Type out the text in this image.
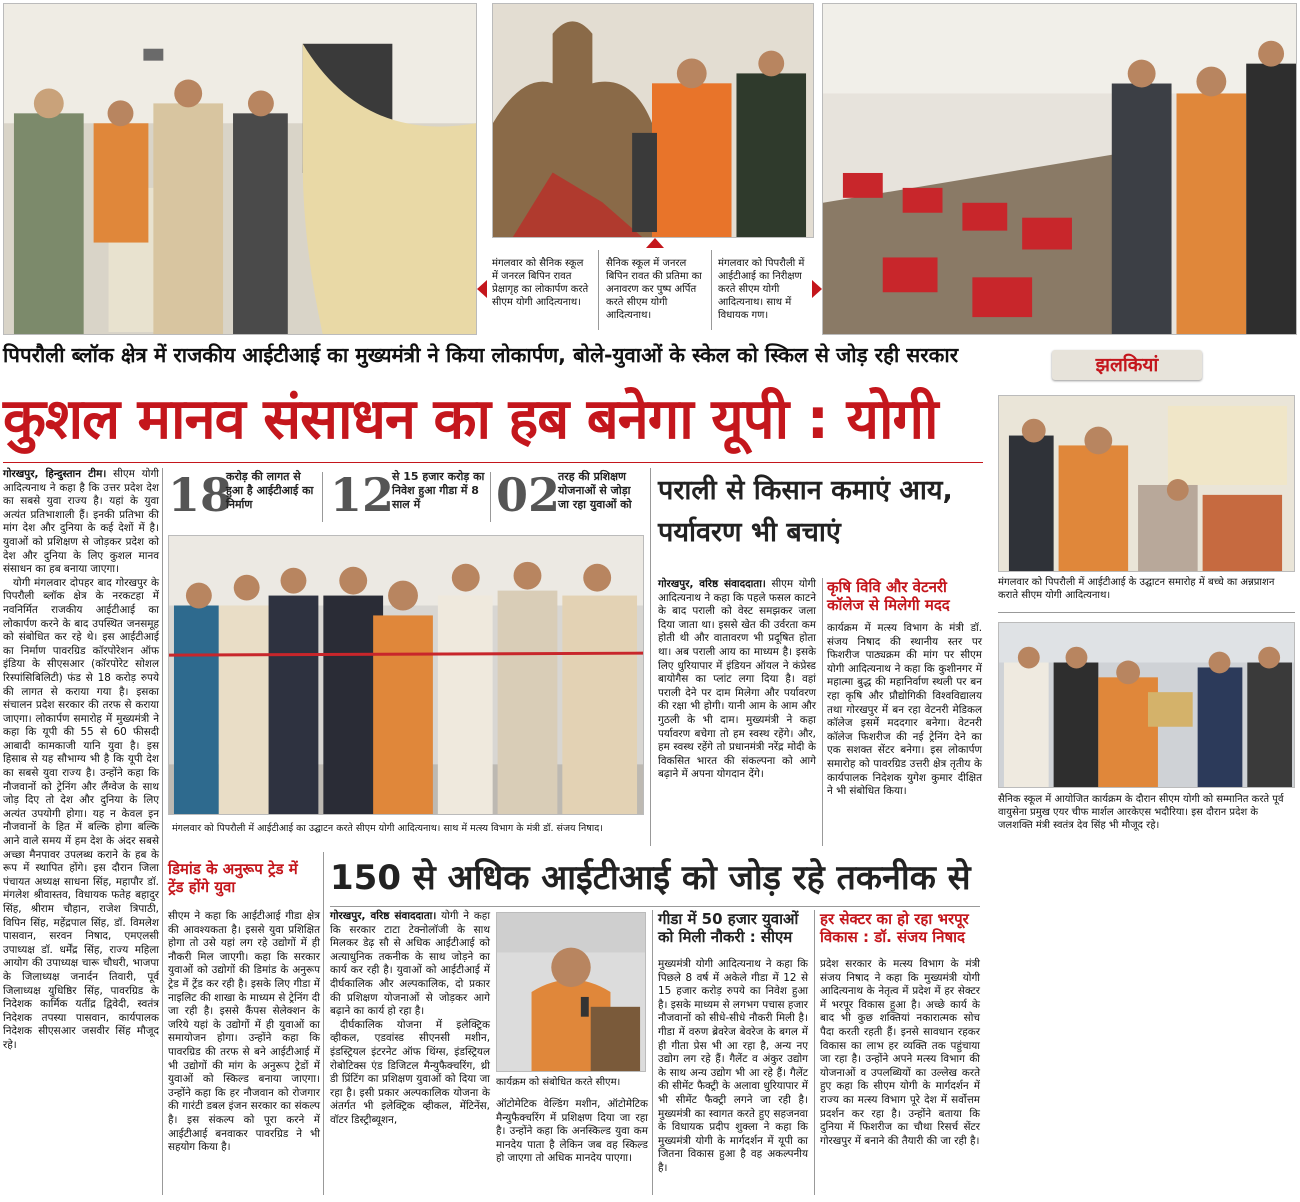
मंगलवार को सैनिक स्कूल में जनरल बिपिन रावत प्रेक्षागृह का लोकार्पण करते सीएम योगी आदित्यनाथ।
सैनिक स्कूल में जनरल बिपिन रावत की प्रतिमा का अनावरण कर पुष्प अर्पित करते सीएम योगी आदित्यनाथ।
मंगलवार को पिपरौली में आईटीआई का निरीक्षण करते सीएम योगी आदित्यनाथ। साथ में विधायक गण।
पिपरौली ब्लॉक क्षेत्र में राजकीय आईटीआई का मुख्यमंत्री ने किया लोकार्पण, बोले-युवाओं के स्केल को स्किल से जोड़ रही सरकार
कुशल मानव संसाधन का हब बनेगा यूपी : योगी
झलकियां
मंगलवार को पिपरौली में आईटीआई के उद्घाटन समारोह में बच्चे का अन्नप्राशन कराते सीएम योगी आदित्यनाथ।
सैनिक स्कूल में आयोजित कार्यक्रम के दौरान सीएम योगी को सम्मानित करते पूर्व वायुसेना प्रमुख एयर चीफ मार्शल आरकेएस भदौरिया। इस दौरान प्रदेश के जलशक्ति मंत्री स्वतंत्र देव सिंह भी मौजूद रहे।

गोरखपुर, हिन्दुस्तान टीम। सीएम योगी आदित्यनाथ ने कहा है कि उत्तर प्रदेश देश का सबसे युवा राज्य है। यहां के युवा अत्यंत प्रतिभाशाली हैं। इनकी प्रतिभा की मांग देश और दुनिया के कई देशों में है। युवाओं को प्रशिक्षण से जोड़कर प्रदेश को देश और दुनिया के लिए कुशल मानव संसाधन का हब बनाया जाएगा।

योगी मंगलवार दोपहर बाद गोरखपुर के पिपरौली ब्लॉक क्षेत्र के नरकटहा में नवनिर्मित राजकीय आईटीआई का लोकार्पण करने के बाद उपस्थित जनसमूह को संबोधित कर रहे थे। इस आईटीआई का निर्माण पावरग्रिड कॉरपोरेशन ऑफ इंडिया के सीएसआर (कॉरपोरेट सोशल रिस्पांसिबिलिटी) फंड से 18 करोड़ रुपये की लागत से कराया गया है। इसका संचालन प्रदेश सरकार की तरफ से कराया जाएगा। लोकार्पण समारोह में मुख्यमंत्री ने कहा कि यूपी की 55 से 60 फीसदी आबादी कामकाजी यानि युवा है। इस हिसाब से यह सौभाग्य भी है कि यूपी देश का सबसे युवा राज्य है। उन्होंने कहा कि नौजवानों को ट्रेनिंग और लैंग्वेज के साथ जोड़ दिए तो देश और दुनिया के लिए अत्यंत उपयोगी होगा। यह न केवल इन नौजवानों के हित में बल्कि होगा बल्कि आने वाले समय में हम देश के अंदर सबसे अच्छा मैनपावर उपलब्ध कराने के हब के रूप में स्थापित होंगे। इस दौरान जिला पंचायत अध्यक्ष साधना सिंह, महापौर डॉ. मंगलेश श्रीवास्तव, विधायक फतेह बहादुर सिंह, श्रीराम चौहान, राजेश त्रिपाठी, विपिन सिंह, महेंद्रपाल सिंह, डॉ. विमलेश पासवान, सरवन निषाद, एमएलसी उपाध्यक्ष डॉ. धर्मेंद्र सिंह, राज्य महिला आयोग की उपाध्यक्ष चारू चौधरी, भाजपा के जिलाध्यक्ष जनार्दन तिवारी, पूर्व जिलाध्यक्ष युधिष्ठिर सिंह, पावरग्रिड के निदेशक कार्मिक यतींद्र द्विवेदी, स्वतंत्र निदेशक तपस्या पासवान, कार्यपालक निदेशक सीएसआर जसवीर सिंह मौजूद रहे।

18
करोड़ की लागत से हुआ है आईटीआई का निर्माण	12
से 15 हजार करोड़ का निवेश हुआ गीडा में 8 साल में	02
तरह की प्रशिक्षण योजनाओं से जोड़ा जा रहा युवाओं को
मंगलवार को पिपरौली में आईटीआई का उद्घाटन करते सीएम योगी आदित्यनाथ। साथ में मत्स्य विभाग के मंत्री डॉ. संजय निषाद।
पराली से किसान कमाएं आय, पर्यावरण भी बचाएं

गोरखपुर, वरिष्ठ संवाददाता। सीएम योगी आदित्यनाथ ने कहा कि पहले फसल काटने के बाद पराली को वेस्ट समझकर जला दिया जाता था। इससे खेत की उर्वरता कम होती थी और वातावरण भी प्रदूषित होता था। अब पराली आय का माध्यम है। इसके लिए धुरियापार में इंडियन ऑयल ने कंप्रेस्ड बायोगैस का प्लांट लगा दिया है। वहां पराली देने पर दाम मिलेगा और पर्यावरण की रक्षा भी होगी। यानी आम के आम और गुठली के भी दाम। मुख्यमंत्री ने कहा पर्यावरण बचेगा तो हम स्वस्थ रहेंगे। और, हम स्वस्थ रहेंगे तो प्रधानमंत्री नरेंद्र मोदी के विकसित भारत की संकल्पना को आगे बढ़ाने में अपना योगदान देंगे।

कृषि विवि और वेटनरी कॉलेज से मिलेगी मदद
कार्यक्रम में मत्स्य विभाग के मंत्री डॉ. संजय निषाद की स्थानीय स्तर पर फिशरीज पाठ्यक्रम की मांग पर सीएम योगी आदित्यनाथ ने कहा कि कुशीनगर में महात्मा बुद्ध की महानिर्वाण स्थली पर बन रहा कृषि और प्रौद्योगिकी विश्वविद्यालय तथा गोरखपुर में बन रहा वेटनरी मेडिकल कॉलेज इसमें मददगार बनेगा। वेटनरी कॉलेज फिशरीज की नई ट्रेनिंग देने का एक सशक्त सेंटर बनेगा। इस लोकार्पण समारोह को पावरग्रिड उत्तरी क्षेत्र तृतीय के कार्यपालक निदेशक युगेश कुमार दीक्षित ने भी संबोधित किया।
डिमांड के अनुरूप ट्रेड में ट्रेंड होंगे युवा
सीएम ने कहा कि आईटीआई गीडा क्षेत्र की आवश्यकता है। इससे युवा प्रशिक्षित होगा तो उसे यहां लग रहे उद्योगों में ही नौकरी मिल जाएगी। कहा कि सरकार युवाओं को उद्योगों की डिमांड के अनुरूप ट्रेड में ट्रेंड कर रही है। इसके लिए गीडा में नाइलिट की शाखा के माध्यम से ट्रेनिंग दी जा रही है। इससे कैंपस सेलेक्शन के जरिये यहां के उद्योगों में ही युवाओं का समायोजन होगा। उन्होंने कहा कि पावरग्रिड की तरफ से बने आईटीआई में भी उद्योगों की मांग के अनुरूप ट्रेडों में युवाओं को स्किल्ड बनाया जाएगा। उन्होंने कहा कि हर नौजवान को रोजगार की गारंटी डबल इंजन सरकार का संकल्प है। इस संकल्प को पूरा करने में आईटीआई बनवाकर पावरग्रिड ने भी सहयोग किया है।
150 से अधिक आईटीआई को जोड़ रहे तकनीक से

गोरखपुर, वरिष्ठ संवाददाता। योगी ने कहा कि सरकार टाटा टेक्नोलॉजी के साथ मिलकर डेढ़ सौ से अधिक आईटीआई को अत्याधुनिक तकनीक के साथ जोड़ने का कार्य कर रही है। युवाओं को आईटीआई में दीर्घकालिक और अल्पकालिक, दो प्रकार की प्रशिक्षण योजनाओं से जोड़कर आगे बढ़ाने का कार्य हो रहा है।

दीर्घकालिक योजना में इलेक्ट्रिक व्हीकल, एडवांस्ड सीएनसी मशीन, इंडस्ट्रियल इंटरनेट ऑफ थिंग्स, इंडस्ट्रियल रोबोटिक्स एंड डिजिटल मैन्युफैक्चरिंग, थ्री डी प्रिंटिंग का प्रशिक्षण युवाओं को दिया जा रहा है। इसी प्रकार अल्पकालिक योजना के अंतर्गत भी इलेक्ट्रिक व्हीकल, मेंटिनेंस, वॉटर डिस्ट्रीब्यूशन,

कार्यक्रम को संबोधित करते सीएम।
ऑटोमेटिक वेल्डिंग मशीन, ऑटोमेटिक मैन्युफैक्चरिंग में प्रशिक्षण दिया जा रहा है। उन्होंने कहा कि अनस्किल्ड युवा कम मानदेय पाता है लेकिन जब वह स्किल्ड हो जाएगा तो अधिक मानदेय पाएगा।
गीडा में 50 हजार युवाओं को मिली नौकरी : सीएम
मुख्यमंत्री योगी आदित्यनाथ ने कहा कि पिछले 8 वर्ष में अकेले गीडा में 12 से 15 हजार करोड़ रुपये का निवेश हुआ है। इसके माध्यम से लगभग पचास हजार नौजवानों को सीधे-सीधे नौकरी मिली है। गीडा में वरुण ब्रेवरेज बेवरेज के बगल में ही गीता प्रेस भी आ रहा है, अन्य नए उद्योग लग रहे हैं। गैलेंट व अंकुर उद्योग के साथ अन्य उद्योग भी आ रहे हैं। गैलेंट की सीमेंट फैक्ट्री के अलावा धुरियापार में भी सीमेंट फैक्ट्री लगने जा रही है। मुख्यमंत्री का स्वागत करते हुए सहजनवा के विधायक प्रदीप शुक्ला ने कहा कि मुख्यमंत्री योगी के मार्गदर्शन में यूपी का जितना विकास हुआ है वह अकल्पनीय है।
हर सेक्टर का हो रहा भरपूर विकास : डॉ. संजय निषाद
प्रदेश सरकार के मत्स्य विभाग के मंत्री संजय निषाद ने कहा कि मुख्यमंत्री योगी आदित्यनाथ के नेतृत्व में प्रदेश में हर सेक्टर में भरपूर विकास हुआ है। अच्छे कार्य के बाद भी कुछ शक्तियां नकारात्मक सोच पैदा करती रहती हैं। इनसे सावधान रहकर विकास का लाभ हर व्यक्ति तक पहुंचाया जा रहा है। उन्होंने अपने मत्स्य विभाग की योजनाओं व उपलब्धियों का उल्लेख करते हुए कहा कि सीएम योगी के मार्गदर्शन में राज्य का मत्स्य विभाग पूरे देश में सर्वोत्तम प्रदर्शन कर रहा है। उन्होंने बताया कि दुनिया में फिशरीज का चौथा रिसर्च सेंटर गोरखपुर में बनाने की तैयारी की जा रही है।
